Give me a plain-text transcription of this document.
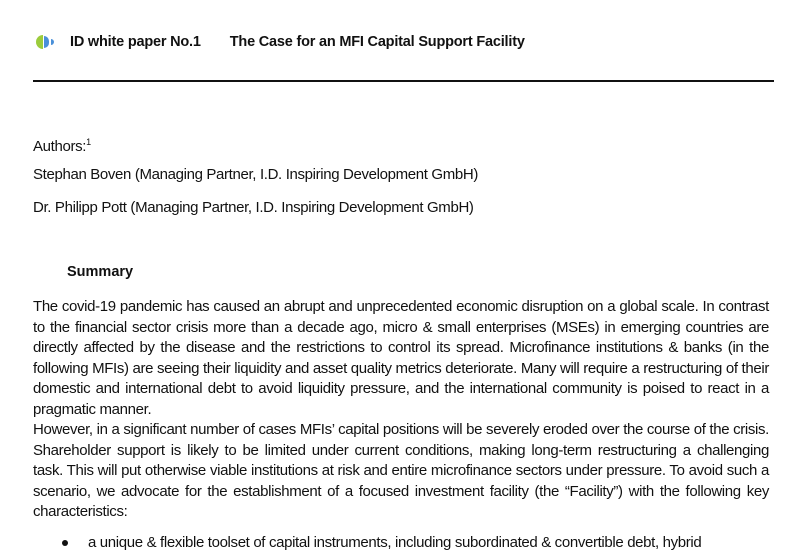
ID white paper No.1 The Case for an MFI Capital Support Facility
Authors:$^1$
Stephan Boven (Managing Partner, I.D. Inspiring Development GmbH)
Dr. Philipp Pott (Managing Partner, I.D. Inspiring Development GmbH)
Summary

The covid-19 pandemic has caused an abrupt and unprecedented economic disruption on a global scale. In contrast to the financial sector crisis more than a decade ago, micro & small enterprises (MSEs) in emerging countries are directly affected by the disease and the restrictions to control its spread. Microfinance institutions & banks (in the following MFIs) are seeing their liquidity and asset quality metrics deteriorate. Many will require a restructuring of their domestic and international debt to avoid liquidity pressure, and the international community is poised to react in a pragmatic manner.

However, in a significant number of cases MFIs’ capital positions will be severely eroded over the course of the crisis. Shareholder support is likely to be limited under current conditions, making long-term restructuring a challenging task. This will put otherwise viable institutions at risk and entire microfinance sectors under pressure. To avoid such a scenario, we advocate for the establishment of a focused investment facility (the “Facility”) with the following key characteristics:

a unique & flexible toolset of capital instruments, including subordinated & convertible debt, hybrid
